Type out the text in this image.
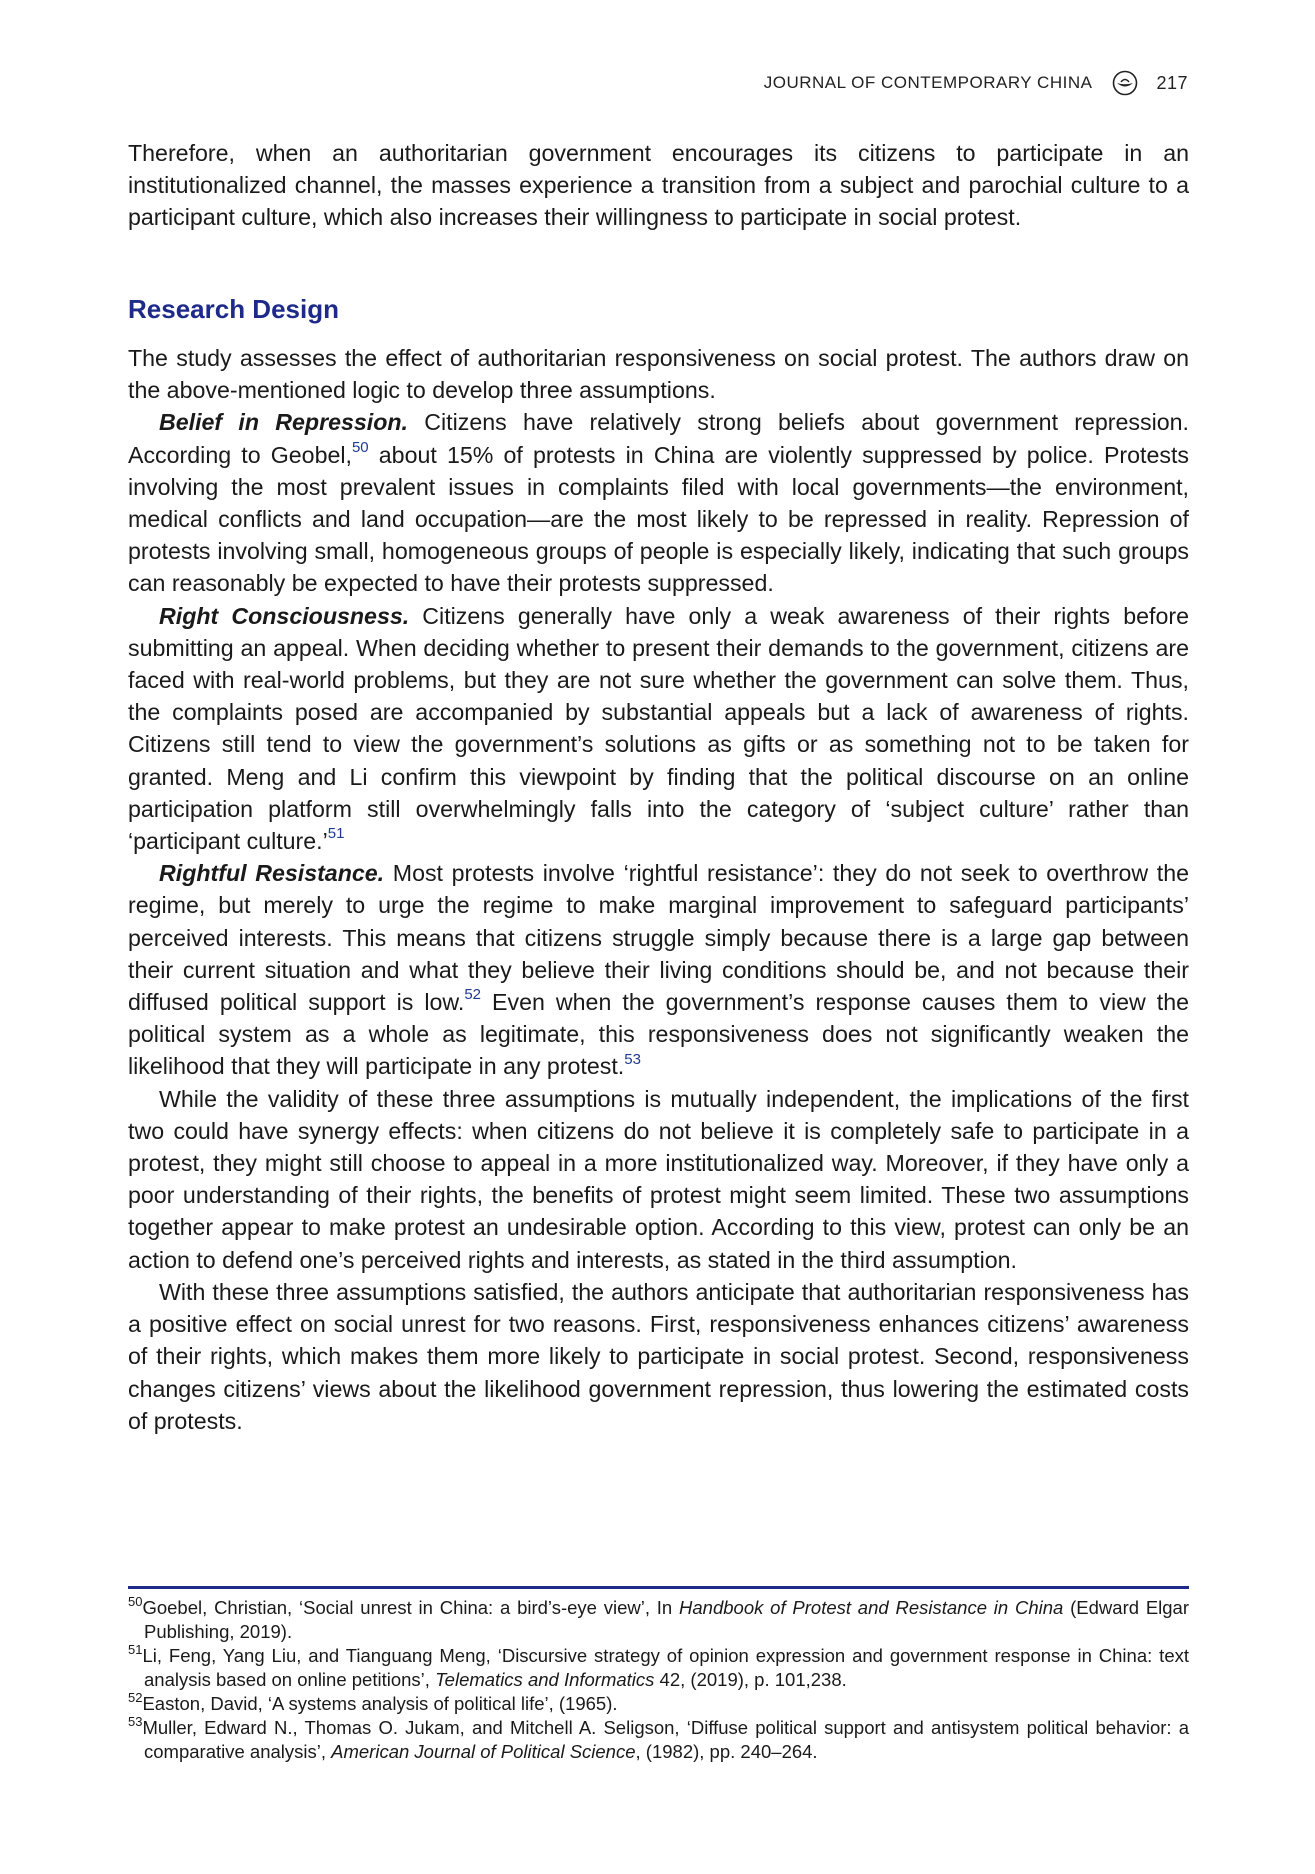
JOURNAL OF CONTEMPORARY CHINA	217

Therefore, when an authoritarian government encourages its citizens to participate in an institutionalized channel, the masses experience a transition from a subject and parochial culture to a participant culture, which also increases their willingness to participate in social protest.

Research Design

The study assesses the effect of authoritarian responsiveness on social protest. The authors draw on the above-mentioned logic to develop three assumptions.

Belief in Repression. Citizens have relatively strong beliefs about government repression. According to Geobel,$^{50}$ about 15% of protests in China are violently suppressed by police. Protests involving the most prevalent issues in complaints filed with local governments—the environment, medical conflicts and land occupation—are the most likely to be repressed in reality. Repression of protests involving small, homogeneous groups of people is especially likely, indicating that such groups can reasonably be expected to have their protests suppressed.

Right Consciousness. Citizens generally have only a weak awareness of their rights before submitting an appeal. When deciding whether to present their demands to the government, citizens are faced with real-world problems, but they are not sure whether the government can solve them. Thus, the complaints posed are accompanied by substantial appeals but a lack of awareness of rights. Citizens still tend to view the government’s solutions as gifts or as something not to be taken for granted. Meng and Li confirm this viewpoint by finding that the political discourse on an online participation platform still overwhelmingly falls into the category of ‘subject culture’ rather than ‘participant culture.’$^{51}$

Rightful Resistance. Most protests involve ‘rightful resistance’: they do not seek to overthrow the regime, but merely to urge the regime to make marginal improvement to safeguard participants’ perceived interests. This means that citizens struggle simply because there is a large gap between their current situation and what they believe their living conditions should be, and not because their diffused political support is low.$^{52}$ Even when the government’s response causes them to view the political system as a whole as legitimate, this responsiveness does not significantly weaken the likelihood that they will participate in any protest.$^{53}$

While the validity of these three assumptions is mutually independent, the implications of the first two could have synergy effects: when citizens do not believe it is completely safe to participate in a protest, they might still choose to appeal in a more institutionalized way. Moreover, if they have only a poor understanding of their rights, the benefits of protest might seem limited. These two assumptions together appear to make protest an undesirable option. According to this view, protest can only be an action to defend one’s perceived rights and interests, as stated in the third assumption.

With these three assumptions satisfied, the authors anticipate that authoritarian responsiveness has a positive effect on social unrest for two reasons. First, responsiveness enhances citizens’ awareness of their rights, which makes them more likely to participate in social protest. Second, responsiveness changes citizens’ views about the likelihood government repression, thus lowering the estimated costs of protests.

$^{50}$Goebel, Christian, ‘Social unrest in China: a bird’s-eye view’, In Handbook of Protest and Resistance in China (Edward Elgar Publishing, 2019).

$^{51}$Li, Feng, Yang Liu, and Tianguang Meng, ‘Discursive strategy of opinion expression and government response in China: text analysis based on online petitions’, Telematics and Informatics 42, (2019), p. 101,238.

$^{52}$Easton, David, ‘A systems analysis of political life’, (1965).

$^{53}$Muller, Edward N., Thomas O. Jukam, and Mitchell A. Seligson, ‘Diffuse political support and antisystem political behavior: a comparative analysis’, American Journal of Political Science, (1982), pp. 240–264.
